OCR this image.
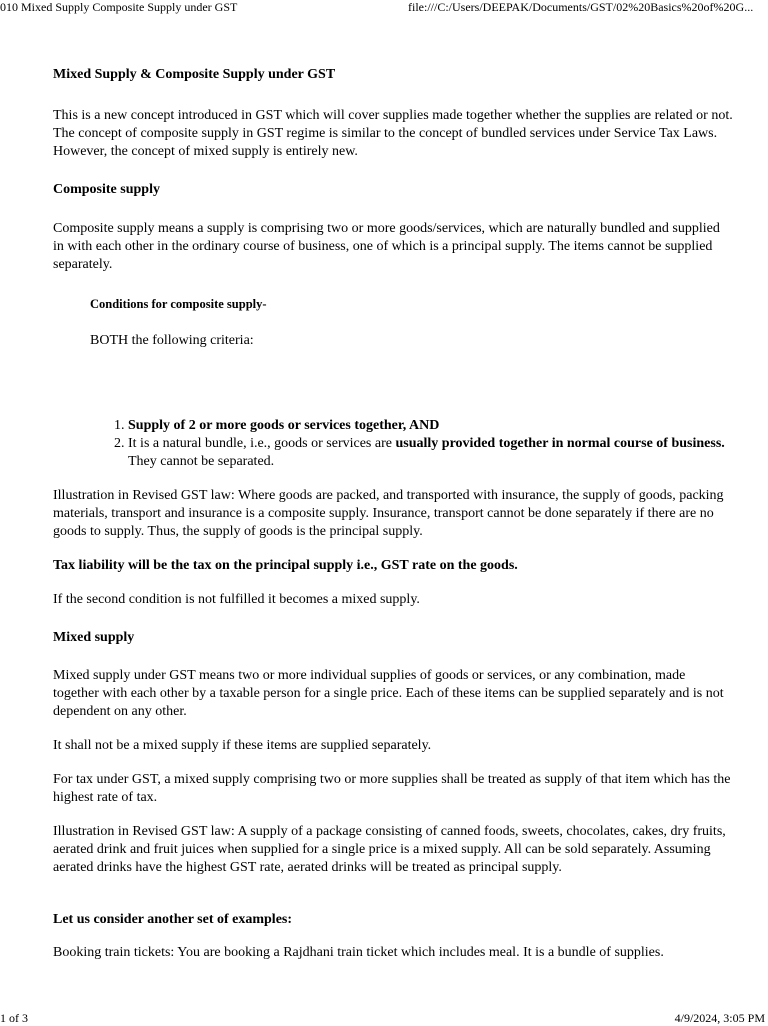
010 Mixed Supply Composite Supply under GST	file:///C:/Users/DEEPAK/Documents/GST/02%20Basics%20of%20G...

Mixed Supply & Composite Supply under GST

This is a new concept introduced in GST which will cover supplies made together whether the supplies are related or not. The concept of composite supply in GST regime is similar to the concept of bundled services under Service Tax Laws. However, the concept of mixed supply is entirely new.

Composite supply

Composite supply means a supply is comprising two or more goods/services, which are naturally bundled and supplied in with each other in the ordinary course of business, one of which is a principal supply. The items cannot be supplied separately.

Conditions for composite supply-

BOTH the following criteria:

1. Supply of 2 or more goods or services together, AND
2. It is a natural bundle, i.e., goods or services are usually provided together in normal course of business. They cannot be separated.

Illustration in Revised GST law: Where goods are packed, and transported with insurance, the supply of goods, packing materials, transport and insurance is a composite supply. Insurance, transport cannot be done separately if there are no goods to supply. Thus, the supply of goods is the principal supply.

Tax liability will be the tax on the principal supply i.e., GST rate on the goods.

If the second condition is not fulfilled it becomes a mixed supply.

Mixed supply

Mixed supply under GST means two or more individual supplies of goods or services, or any combination, made together with each other by a taxable person for a single price. Each of these items can be supplied separately and is not dependent on any other.

It shall not be a mixed supply if these items are supplied separately.

For tax under GST, a mixed supply comprising two or more supplies shall be treated as supply of that item which has the highest rate of tax.

Illustration in Revised GST law: A supply of a package consisting of canned foods, sweets, chocolates, cakes, dry fruits, aerated drink and fruit juices when supplied for a single price is a mixed supply. All can be sold separately. Assuming aerated drinks have the highest GST rate, aerated drinks will be treated as principal supply.

Let us consider another set of examples:

Booking train tickets: You are booking a Rajdhani train ticket which includes meal. It is a bundle of supplies.

1 of 3	4/9/2024, 3:05 PM
